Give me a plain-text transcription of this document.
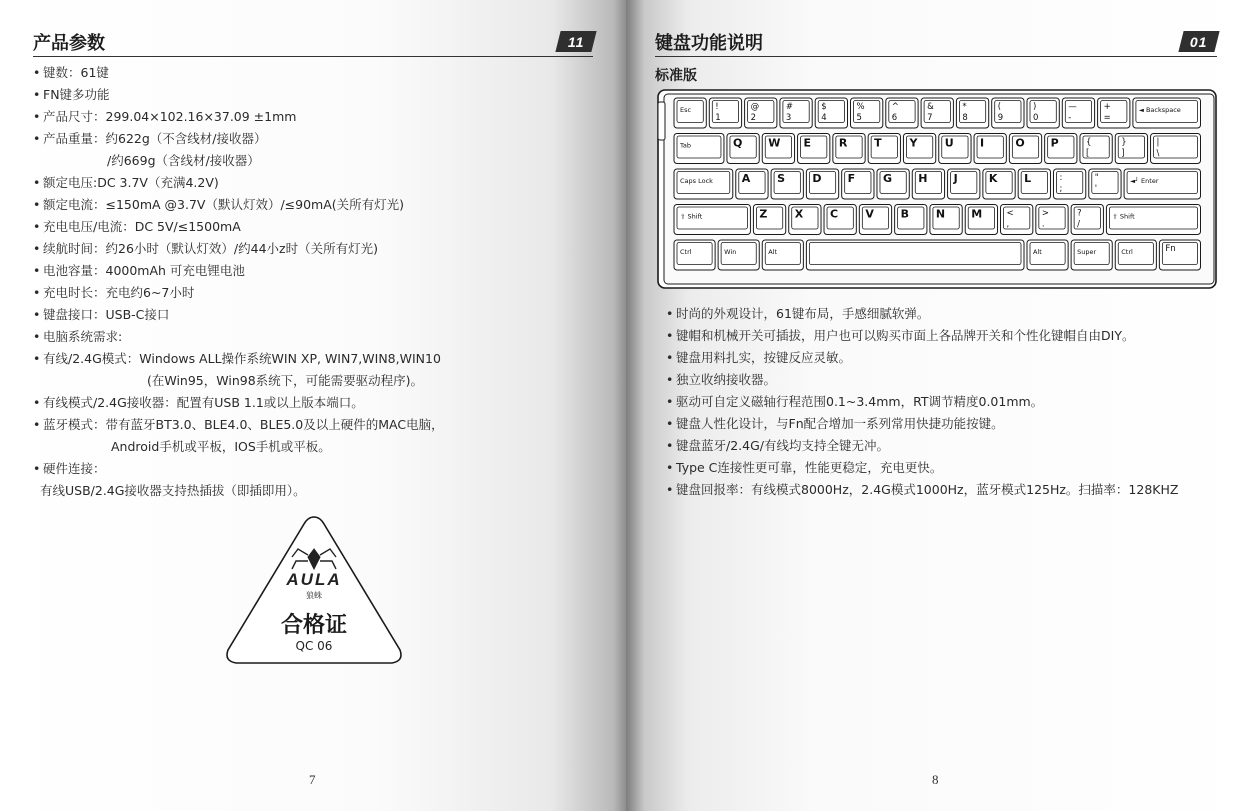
产品参数	11
• 键数：61键
• FN键多功能
• 产品尺寸：299.04×102.16×37.09 ±1mm
• 产品重量：约622g（不含线材/接收器）
/约669g（含线材/接收器）
• 额定电压:DC 3.7V（充满4.2V)
• 额定电流：≤150mA @3.7V（默认灯效）/≤90mA(关所有灯光)
• 充电电压/电流：DC 5V/≤1500mA
• 续航时间：约26小时（默认灯效）/约44小z时（关所有灯光)
• 电池容量：4000mAh 可充电锂电池
• 充电时长：充电约6~7小时
• 键盘接口：USB-C接口
• 电脑系统需求:
• 有线/2.4G模式：Windows ALL操作系统WIN XP, WIN7,WIN8,WIN10
(在Win95，Win98系统下，可能需要驱动程序)。
• 有线模式/2.4G接收器：配置有USB 1.1或以上版本端口。
• 蓝牙模式：带有蓝牙BT3.0、BLE4.0、BLE5.0及以上硬件的MAC电脑，
Android手机或平板，IOS手机或平板。
• 硬件连接：
有线USB/2.4G接收器支持热插拔（即插即用）。
AULA
狼蛛
合格证
QC 06
7
键盘功能说明	01
标准版
Esc	!
1
@
2
#
3
$
4
%
5
^
6
&
7
*
8
(
9
)
0
—
-
+
=
◄ Backspace
Tab	Q W E	R T	Y U I	O P	{
[
}
]
|
\
Caps Lock	A S D F	G H J	K L	:
;
"
'
◄┘ Enter
⇧ Shift	Z X C V B N M	<
,
>
.
?
/
⇧ Shift
Ctrl	Win	Alt	Alt	Super	Ctrl	Fn
• 时尚的外观设计，61键布局，手感细腻软弹。
• 键帽和机械开关可插拔，用户也可以购买市面上各品牌开关和个性化键帽自由DIY。
• 键盘用料扎实，按键反应灵敏。
• 独立收纳接收器。
• 驱动可自定义磁轴行程范围0.1~3.4mm，RT调节精度0.01mm。
• 键盘人性化设计，与Fn配合增加一系列常用快捷功能按键。
• 键盘蓝牙/2.4G/有线均支持全键无冲。
• Type C连接性更可靠，性能更稳定，充电更快。
• 键盘回报率：有线模式8000Hz，2.4G模式1000Hz，蓝牙模式125Hz。扫描率：128KHZ
8
